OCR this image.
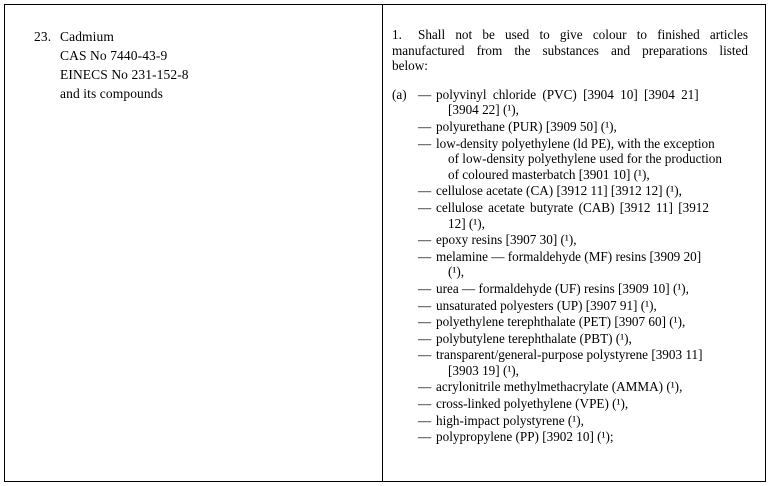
23. Cadmium
CAS No 7440-43-9
EINECS No 231-152-8
and its compounds
1. Shall not be used to give colour to finished articles manufactured from the substances and preparations listed below:
(a) — polyvinyl chloride (PVC) [3904 10] [3904 21]
[3904 22] (¹),
— polyurethane (PUR) [3909 50] (¹),
— low-density polyethylene (ld PE), with the exception
of low-density polyethylene used for the production
of coloured masterbatch [3901 10] (¹),
— cellulose acetate (CA) [3912 11] [3912 12] (¹),
— cellulose acetate butyrate (CAB) [3912 11] [3912
12] (¹),
— epoxy resins [3907 30] (¹),
— melamine — formaldehyde (MF) resins [3909 20]
(¹),
— urea — formaldehyde (UF) resins [3909 10] (¹),
— unsaturated polyesters (UP) [3907 91] (¹),
— polyethylene terephthalate (PET) [3907 60] (¹),
— polybutylene terephthalate (PBT) (¹),
— transparent/general-purpose polystyrene [3903 11]
[3903 19] (¹),
— acrylonitrile methylmethacrylate (AMMA) (¹),
— cross-linked polyethylene (VPE) (¹),
— high-impact polystyrene (¹),
— polypropylene (PP) [3902 10] (¹);
